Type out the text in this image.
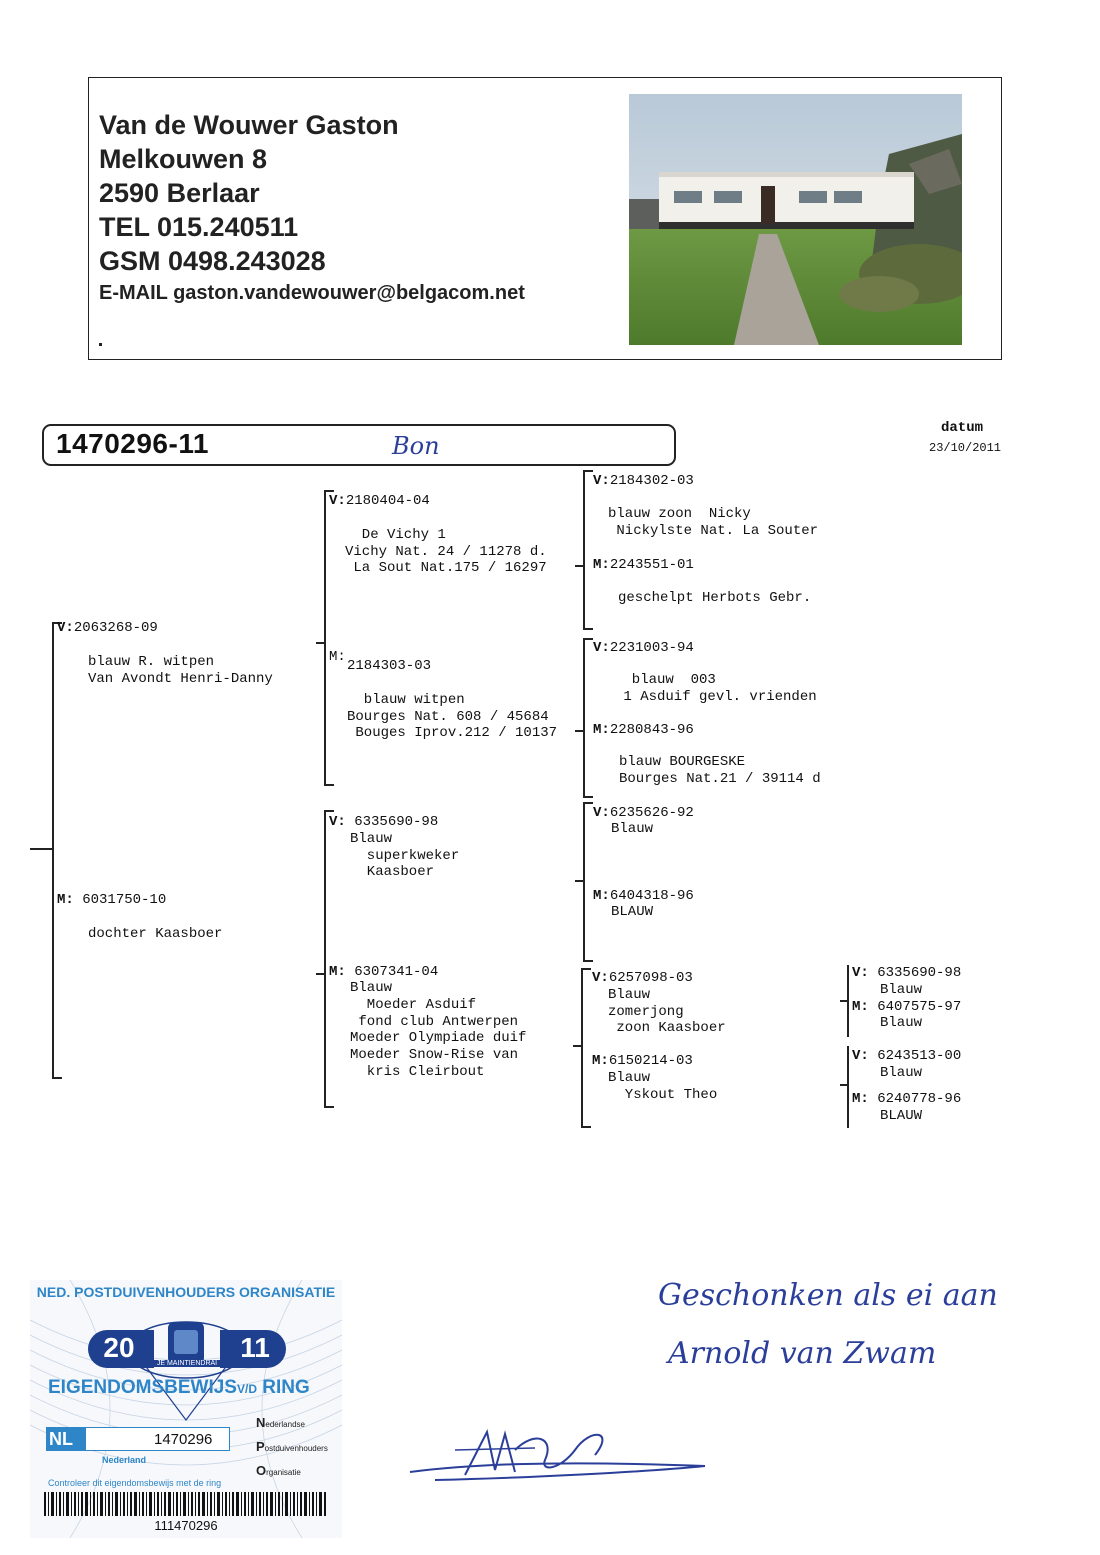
Van de Wouwer Gaston
Melkouwen 8
2590 Berlaar
TEL 015.240511
GSM 0498.243028
E-MAIL gaston.vandewouwer@belgacom.net
1470296-11	Bon
datum
23/10/2011
V:2063268-09
blauw R. witpen
Van Avondt Henri-Danny
M: 6031750-10
dochter Kaasboer
V:2180404-04
De Vichy 1
Vichy Nat. 24 / 11278 d.
La Sout Nat.175 / 16297
M:
2184303-03
blauw witpen
Bourges Nat. 608 / 45684
Bouges Iprov.212 / 10137
V: 6335690-98
Blauw
superkweker
Kaasboer
M: 6307341-04
Blauw
Moeder Asduif
fond club Antwerpen
Moeder Olympiade duif
Moeder Snow-Rise van
kris Cleirbout
V:2184302-03
blauw zoon  Nicky
Nickylste Nat. La Souter
M:2243551-01
geschelpt Herbots Gebr.
V:2231003-94
blauw  003
1 Asduif gevl. vrienden
M:2280843-96
blauw BOURGESKE
Bourges Nat.21 / 39114 d
V:6235626-92
Blauw
M:6404318-96
BLAUW
V:6257098-03
Blauw
zomerjong
zoon Kaasboer
M:6150214-03
Blauw
Yskout Theo
V: 6335690-98
Blauw
M: 6407575-97
Blauw
V: 6243513-00
Blauw
M: 6240778-96
BLAUW
Geschonken als ei aan
Arnold van Zwam
NED. POSTDUIVENHOUDERS ORGANISATIE
20	11
JE MAINTIENDRAI
EIGENDOMSBEWIJSV/D RING
NL	1470296
Nederland
Nederlandse
Postduivenhouders
Organisatie
Controleer dit eigendomsbewijs met de ring
111470296
